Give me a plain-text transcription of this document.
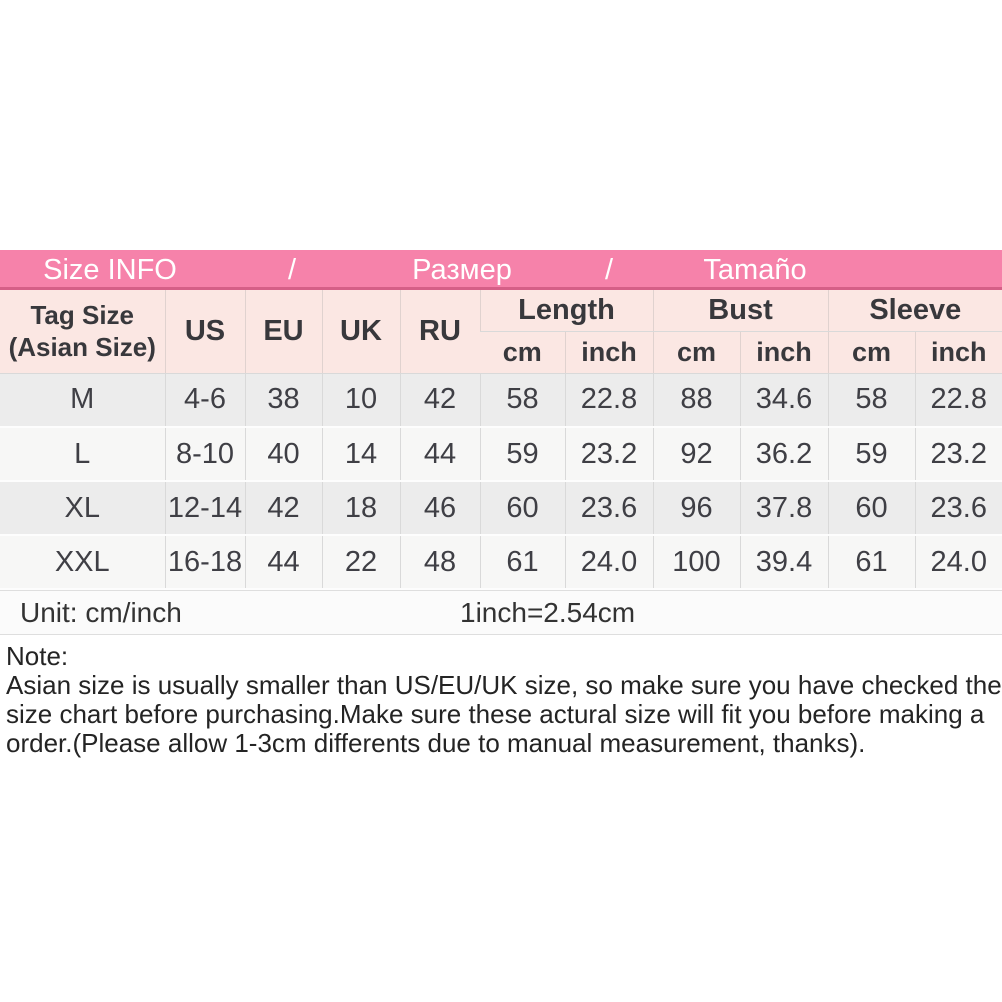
Size INFO	/	Размер	/	Tamaño
Tag Size
(Asian Size)	US	EU	UK	RU	Length		Bust		Sleeve	
					cm	inch	cm	inch	cm	inch
M	4-6	38	10	42	58	22.8	88	34.6	58	22.8
L	8-10	40	14	44	59	23.2	92	36.2	59	23.2
XL	12-14	42	18	46	60	23.6	96	37.8	60	23.6
XXL	16-18	44	22	48	61	24.0	100	39.4	61	24.0
Unit: cm/inch	1inch=2.54cm
Note:
Asian size is usually smaller than US/EU/UK size, so make sure you have checked the
size chart before purchasing.Make sure these actural size will fit you before making a
order.(Please allow 1-3cm differents due to manual measurement, thanks).
